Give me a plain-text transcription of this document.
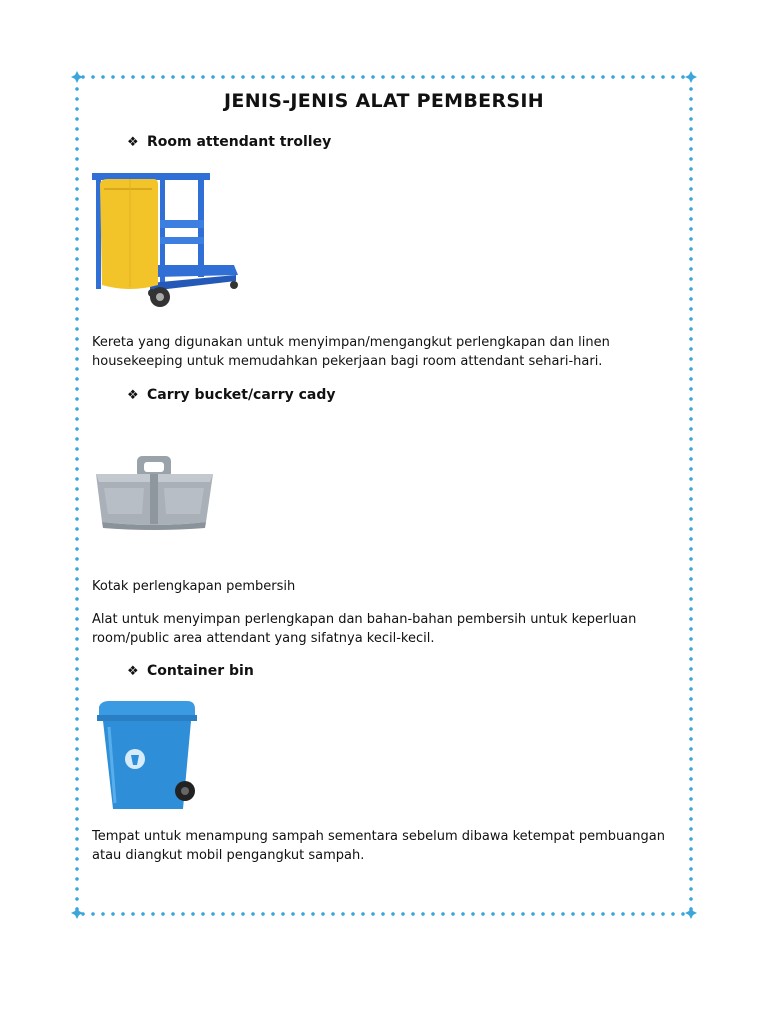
JENIS-JENIS ALAT PEMBERSIH
❖ Room attendant trolley
Kereta yang digunakan untuk menyimpan/mengangkut perlengkapan dan linen housekeeping untuk memudahkan pekerjaan bagi room attendant sehari-hari.
❖ Carry bucket/carry cady
Kotak perlengkapan pembersih
Alat untuk menyimpan perlengkapan dan bahan-bahan pembersih untuk keperluan room/public area attendant yang sifatnya kecil-kecil.
❖ Container bin
Tempat untuk menampung sampah sementara sebelum dibawa ketempat pembuangan atau diangkut mobil pengangkut sampah.
